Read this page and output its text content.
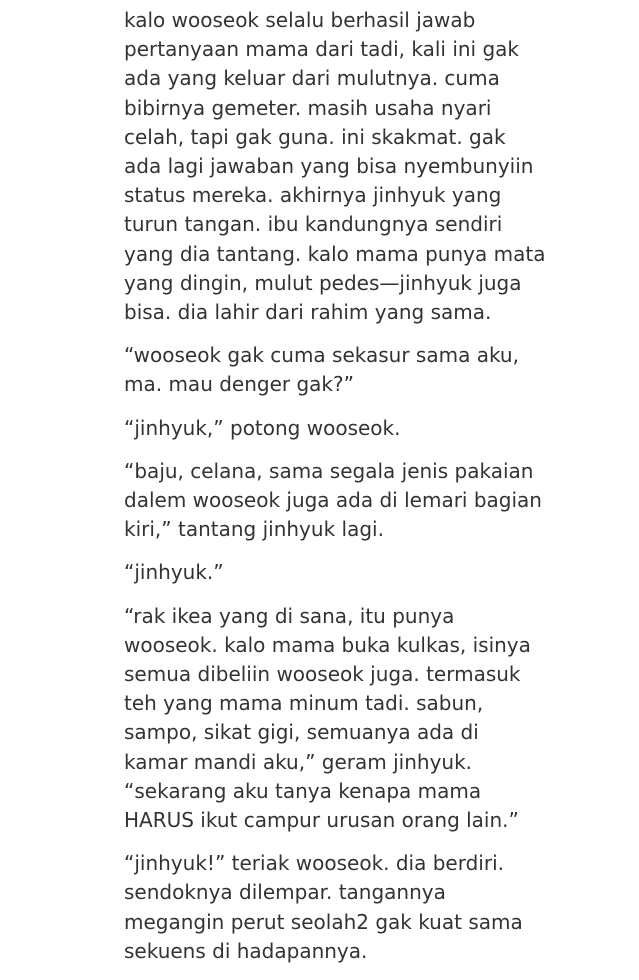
kalo wooseok selalu berhasil jawab
pertanyaan mama dari tadi, kali ini gak
ada yang keluar dari mulutnya. cuma
bibirnya gemeter. masih usaha nyari
celah, tapi gak guna. ini skakmat. gak
ada lagi jawaban yang bisa nyembunyiin
status mereka. akhirnya jinhyuk yang
turun tangan. ibu kandungnya sendiri
yang dia tantang. kalo mama punya mata
yang dingin, mulut pedes—jinhyuk juga
bisa. dia lahir dari rahim yang sama.

“wooseok gak cuma sekasur sama aku,
ma. mau denger gak?”

“jinhyuk,” potong wooseok.

“baju, celana, sama segala jenis pakaian
dalem wooseok juga ada di lemari bagian
kiri,” tantang jinhyuk lagi.

“jinhyuk.”

“rak ikea yang di sana, itu punya
wooseok. kalo mama buka kulkas, isinya
semua dibeliin wooseok juga. termasuk
teh yang mama minum tadi. sabun,
sampo, sikat gigi, semuanya ada di
kamar mandi aku,” geram jinhyuk.
“sekarang aku tanya kenapa mama
HARUS ikut campur urusan orang lain.”

“jinhyuk!” teriak wooseok. dia berdiri.
sendoknya dilempar. tangannya
megangin perut seolah2 gak kuat sama
sekuens di hadapannya.
